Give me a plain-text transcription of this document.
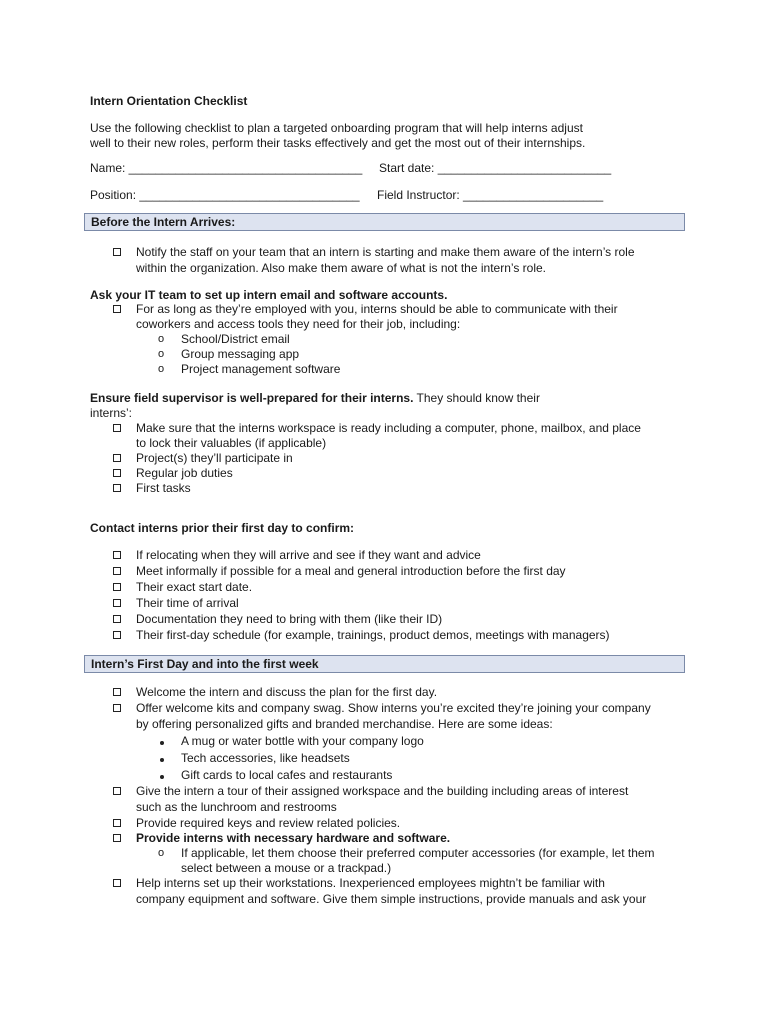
Intern Orientation Checklist
Use the following checklist to plan a targeted onboarding program that will help interns adjust
well to their new roles, perform their tasks effectively and get the most out of their internships.
Name: ___________________________________ Start date: __________________________
Position: _________________________________ Field Instructor: _____________________
Before the Intern Arrives:
Notify the staff on your team that an intern is starting and make them aware of the intern’s role
within the organization. Also make them aware of what is not the intern’s role.
Ask your IT team to set up intern email and software accounts.
For as long as they’re employed with you, interns should be able to communicate with their
coworkers and access tools they need for their job, including:
o School/District email
o Group messaging app
o Project management software
Ensure field supervisor is well-prepared for their interns. They should know their
interns’:
Make sure that the interns workspace is ready including a computer, phone, mailbox, and place
to lock their valuables (if applicable)
Project(s) they’ll participate in
Regular job duties
First tasks
Contact interns prior their first day to confirm:
If relocating when they will arrive and see if they want and advice
Meet informally if possible for a meal and general introduction before the first day
Their exact start date.
Their time of arrival
Documentation they need to bring with them (like their ID)
Their first-day schedule (for example, trainings, product demos, meetings with managers)
Intern’s First Day and into the first week
Welcome the intern and discuss the plan for the first day.
Offer welcome kits and company swag. Show interns you’re excited they’re joining your company
by offering personalized gifts and branded merchandise. Here are some ideas:
A mug or water bottle with your company logo
Tech accessories, like headsets
Gift cards to local cafes and restaurants
Give the intern a tour of their assigned workspace and the building including areas of interest
such as the lunchroom and restrooms
Provide required keys and review related policies.
Provide interns with necessary hardware and software.
o If applicable, let them choose their preferred computer accessories (for example, let them
select between a mouse or a trackpad.)
Help interns set up their workstations. Inexperienced employees mightn’t be familiar with
company equipment and software. Give them simple instructions, provide manuals and ask your
